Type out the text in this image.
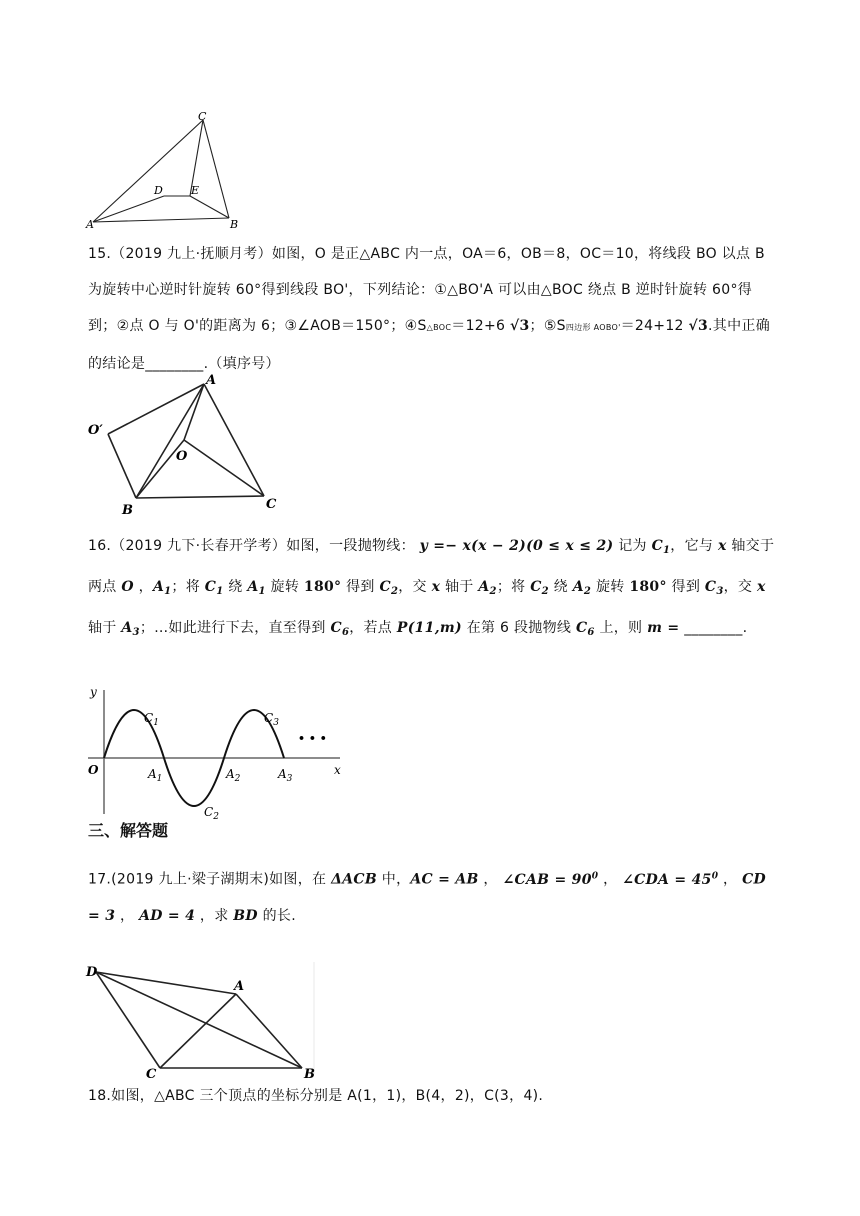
A	B
C
D	E
15.（2019 九上·抚顺月考）如图，O 是正△ABC 内一点，OA＝6，OB＝8，OC＝10，将线段 BO 以点 B 为旋转中心逆时针旋转 60°得到线段 BO'，下列结论：①△BO'A 可以由△BOC 绕点 B 逆时针旋转 60°得到；②点 O 与 O'的距离为 6；③∠AOB＝150°；④S△BOC＝12+6 √3；⑤S四边形 AOBO'＝24+12 √3.其中正确的结论是________.（填序号）
A
O′
O
B	C
16.（2019 九下·长春开学考）如图，一段抛物线： y =− x(x − 2)(0 ≤ x ≤ 2) 记为 $C_1$，它与 x 轴交于两点 O ，$A_1$；将 $C_1$ 绕 $A_1$ 旋转 180° 得到 $C_2$，交 x 轴于 $A_2$；将 $C_2$ 绕 $A_2$ 旋转 180° 得到 $C_3$，交 x 轴于 $A_3$；…如此进行下去，直至得到 $C_6$，若点 P(11,m) 在第 6 段抛物线 $C_6$ 上，则 m = ________.
y
x
O
$C_1$
$C_2$
$C_3$
$A_1$	$A_2$	$A_3$
• • •
三、解答题
17.(2019 九上·梁子湖期末)如图，在 ΔACB 中，AC = AB ， ∠CAB = $90^0$ ， ∠CDA = $45^0$ ， CD = 3 ， AD = 4 ，求 BD 的长.
D
A
C	B
18.如图，△ABC 三个顶点的坐标分别是 A(1，1)，B(4，2)，C(3，4).
